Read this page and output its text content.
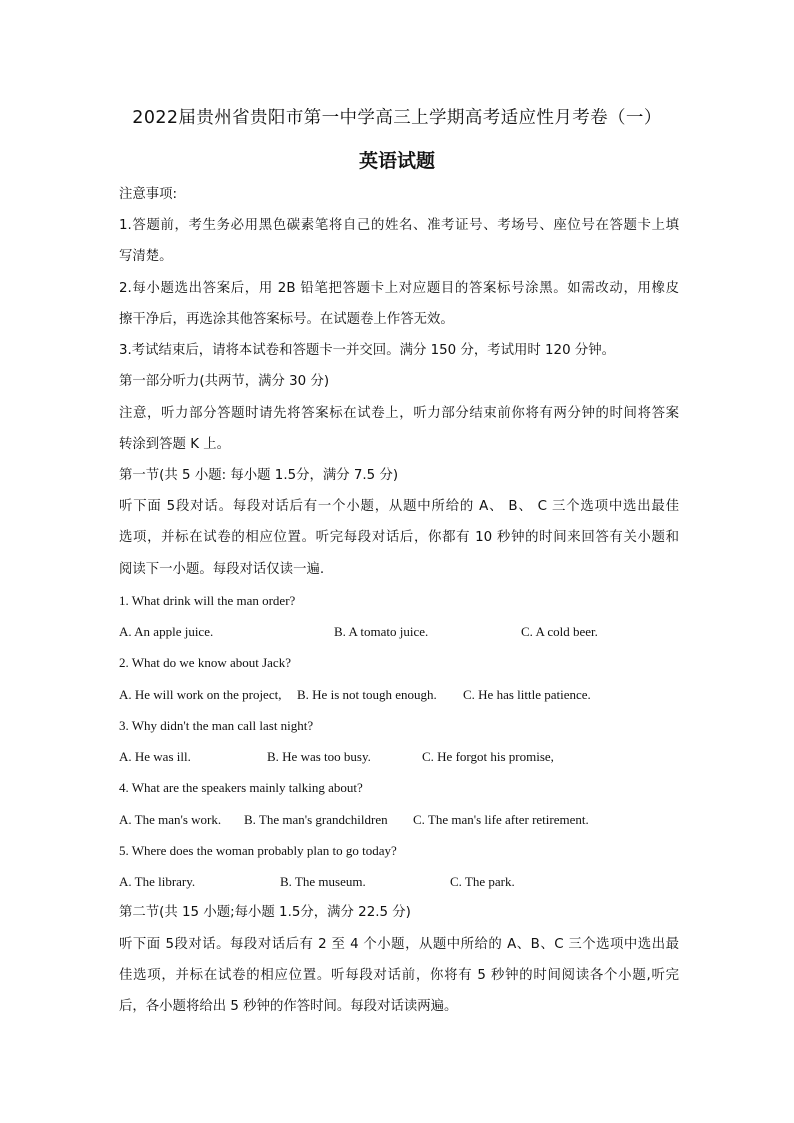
2022届贵州省贵阳市第一中学高三上学期高考适应性月考卷（一）
英语试题
注意事项:
1.答题前，考生务必用黑色碳素笔将自己的姓名、准考证号、考场号、座位号在答题卡上填
写清楚。
2.每小题选出答案后，用 2B 铅笔把答题卡上对应题目的答案标号涂黑。如需改动，用橡皮
擦干净后，再选涂其他答案标号。在试题卷上作答无效。
3.考试结束后，请将本试卷和答题卡一并交回。满分 150 分，考试用时 120 分钟。
第一部分听力(共两节，满分 30 分)
注意，听力部分答题时请先将答案标在试卷上，听力部分结束前你将有两分钟的时间将答案
转涂到答题 K 上。
第一节(共 5 小题: 每小题 1.5分，满分 7.5 分)
听下面 5段对话。每段对话后有一个小题，从题中所给的 A、 B、 C 三个选项中选出最佳
选项，并标在试卷的相应位置。听完每段对话后，你都有 10 秒钟的时间来回答有关小题和
阅读下一小题。每段对话仅读一遍.
1. What drink will the man order?
A. An apple juice.	B. A tomato juice.	C. A cold beer.
2. What do we know about Jack?
A. He will work on the project, B. He is not tough enough. C. He has little patience.
3. Why didn't the man call last night?
A. He was ill.	B. He was too busy.	C. He forgot his promise,
4. What are the speakers mainly talking about?
A. The man's work. B. The man's grandchildren C. The man's life after retirement.
5. Where does the woman probably plan to go today?
A. The library.	B. The museum.	C. The park.
第二节(共 15 小题;每小题 1.5分，满分 22.5 分)
听下面 5段对话。每段对话后有 2 至 4 个小题，从题中所给的 A、B、C 三个选项中选出最
佳选项，并标在试卷的相应位置。听每段对话前，你将有 5 秒钟的时间阅读各个小题,听完
后，各小题将给出 5 秒钟的作答时间。每段对话读两遍。
